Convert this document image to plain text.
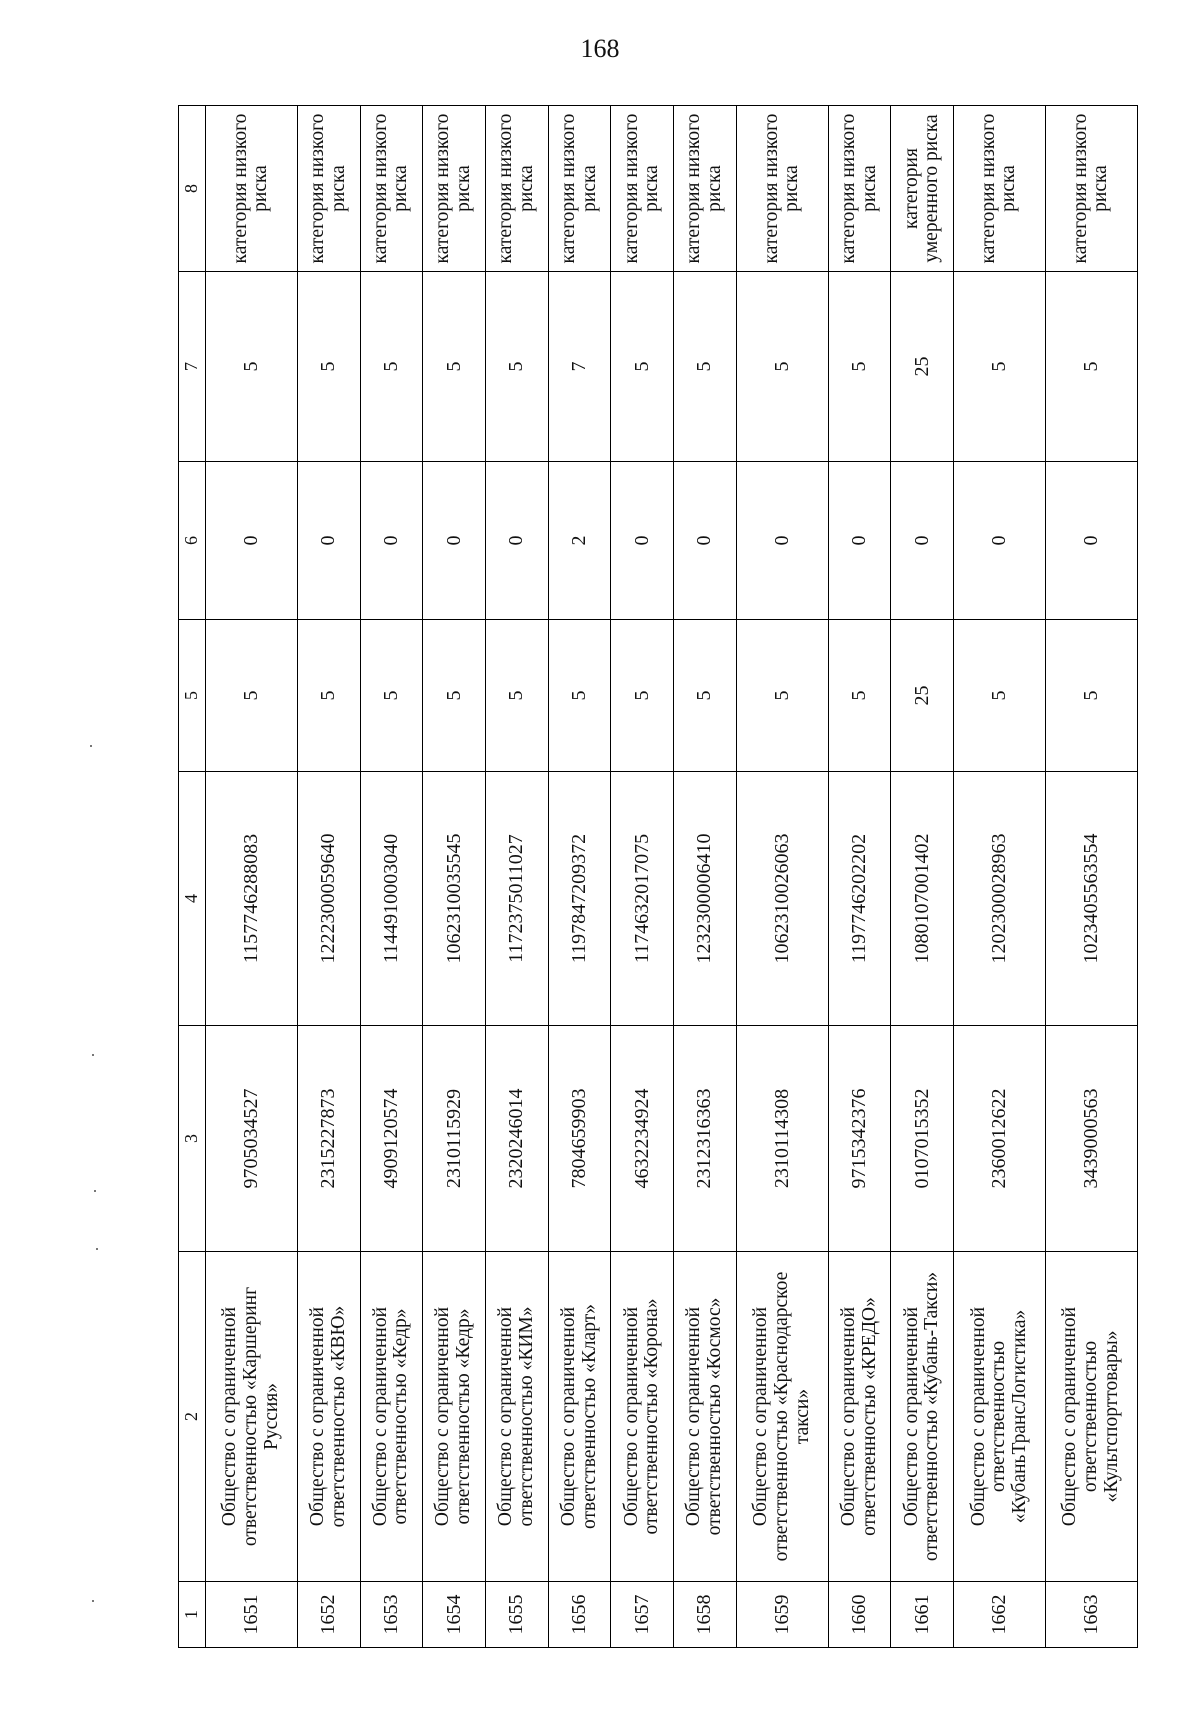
168
1	2	3	4	5	6	7	8
1651	Общество с ограниченной ответственностью «Каршеринг Руссия»	9705034527	1157746288083	5	0	5	категория низкого риска
1652	Общество с ограниченной ответственностью «КВЮ»	2315227873	1222300059640	5	0	5	категория низкого риска
1653	Общество с ограниченной ответственностью «Кедр»	4909120574	1144910003040	5	0	5	категория низкого риска
1654	Общество с ограниченной ответственностью «Кедр»	2310115929	1062310035545	5	0	5	категория низкого риска
1655	Общество с ограниченной ответственностью «КИМ»	2320246014	1172375011027	5	0	5	категория низкого риска
1656	Общество с ограниченной ответственностью «Кларт»	7804659903	1197847209372	5	2	7	категория низкого риска
1657	Общество с ограниченной ответственностью «Корона»	4632234924	1174632017075	5	0	5	категория низкого риска
1658	Общество с ограниченной ответственностью «Космос»	2312316363	1232300006410	5	0	5	категория низкого риска
1659	Общество с ограниченной ответственностью «Краснодарское такси»	2310114308	1062310026063	5	0	5	категория низкого риска
1660	Общество с ограниченной ответственностью «КРЕДО»	9715342376	1197746202202	5	0	5	категория низкого риска
1661	Общество с ограниченной ответственностью «Кубань-Такси»	0107015352	1080107001402	25	0	25	категория умеренного риска
1662	Общество с ограниченной ответственностью «КубаньТрансЛогистика»	2360012622	1202300028963	5	0	5	категория низкого риска
1663	Общество с ограниченной ответственностью «Культспорттовары»	3439000563	1023405563554	5	0	5	категория низкого риска
